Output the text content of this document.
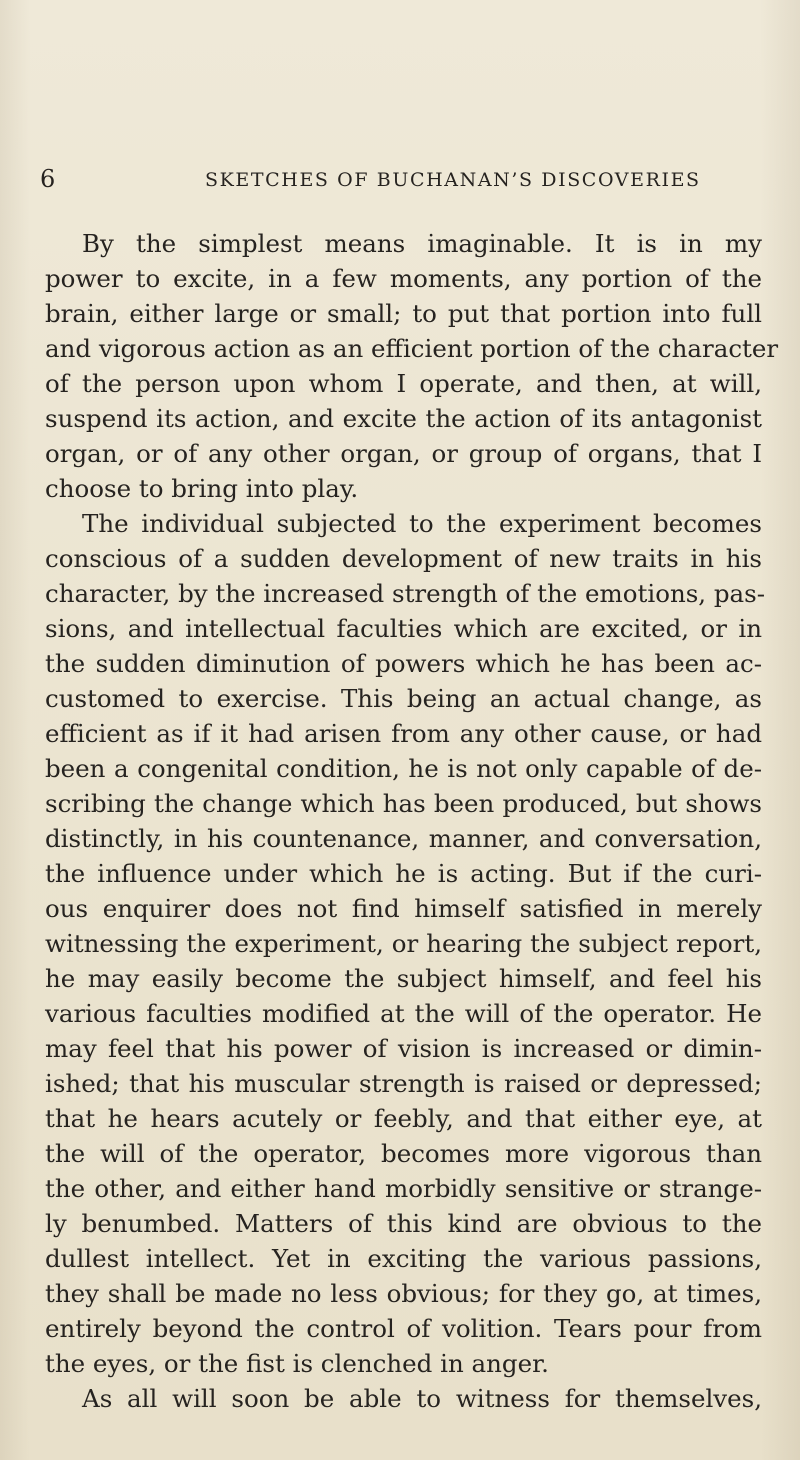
6	SKETCHES OF BUCHANAN’S DISCOVERIES
By the simplest means imaginable. It is in my
power to excite, in a few moments, any portion of the
brain, either large or small; to put that portion into full
and vigorous action as an efficient portion of the character
of the person upon whom I operate, and then, at will,
suspend its action, and excite the action of its antagonist
organ, or of any other organ, or group of organs, that I
choose to bring into play.
The individual subjected to the experiment becomes
conscious of a sudden development of new traits in his
character, by the increased strength of the emotions, pas-
sions, and intellectual faculties which are excited, or in
the sudden diminution of powers which he has been ac-
customed to exercise. This being an actual change, as
efficient as if it had arisen from any other cause, or had
been a congenital condition, he is not only capable of de-
scribing the change which has been produced, but shows
distinctly, in his countenance, manner, and conversation,
the influence under which he is acting. But if the curi-
ous enquirer does not find himself satisfied in merely
witnessing the experiment, or hearing the subject report,
he may easily become the subject himself, and feel his
various faculties modified at the will of the operator. He
may feel that his power of vision is increased or dimin-
ished; that his muscular strength is raised or depressed;
that he hears acutely or feebly, and that either eye, at
the will of the operator, becomes more vigorous than
the other, and either hand morbidly sensitive or strange-
ly benumbed. Matters of this kind are obvious to the
dullest intellect. Yet in exciting the various passions,
they shall be made no less obvious; for they go, at times,
entirely beyond the control of volition. Tears pour from
the eyes, or the fist is clenched in anger.
As all will soon be able to witness for themselves,
